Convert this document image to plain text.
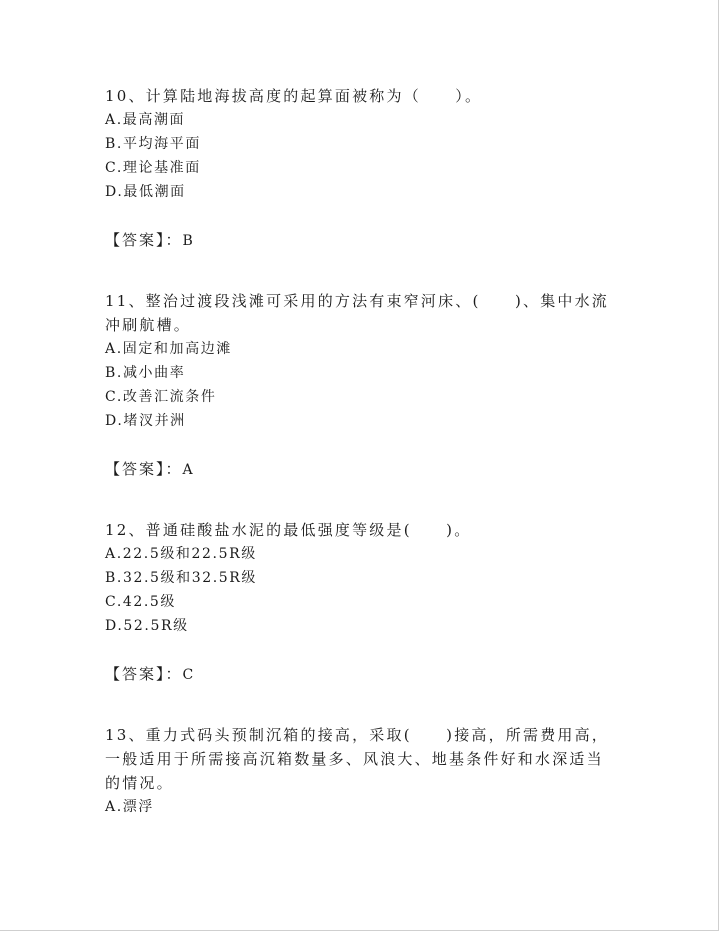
10、计算陆地海拔高度的起算面被称为（　　）。

A.最高潮面

B.平均海平面

C.理论基准面

D.最低潮面

【答案】：B

11、整治过渡段浅滩可采用的方法有束窄河床、(　　)、集中水流冲刷航槽。

A.固定和加高边滩

B.减小曲率

C.改善汇流条件

D.堵汊并洲

【答案】：A

12、普通硅酸盐水泥的最低强度等级是(　　)。

A.22.5级和22.5R级

B.32.5级和32.5R级

C.42.5级

D.52.5R级

【答案】：C

13、重力式码头预制沉箱的接高，采取(　　)接高，所需费用高，一般适用于所需接高沉箱数量多、风浪大、地基条件好和水深适当的情况。

A.漂浮
